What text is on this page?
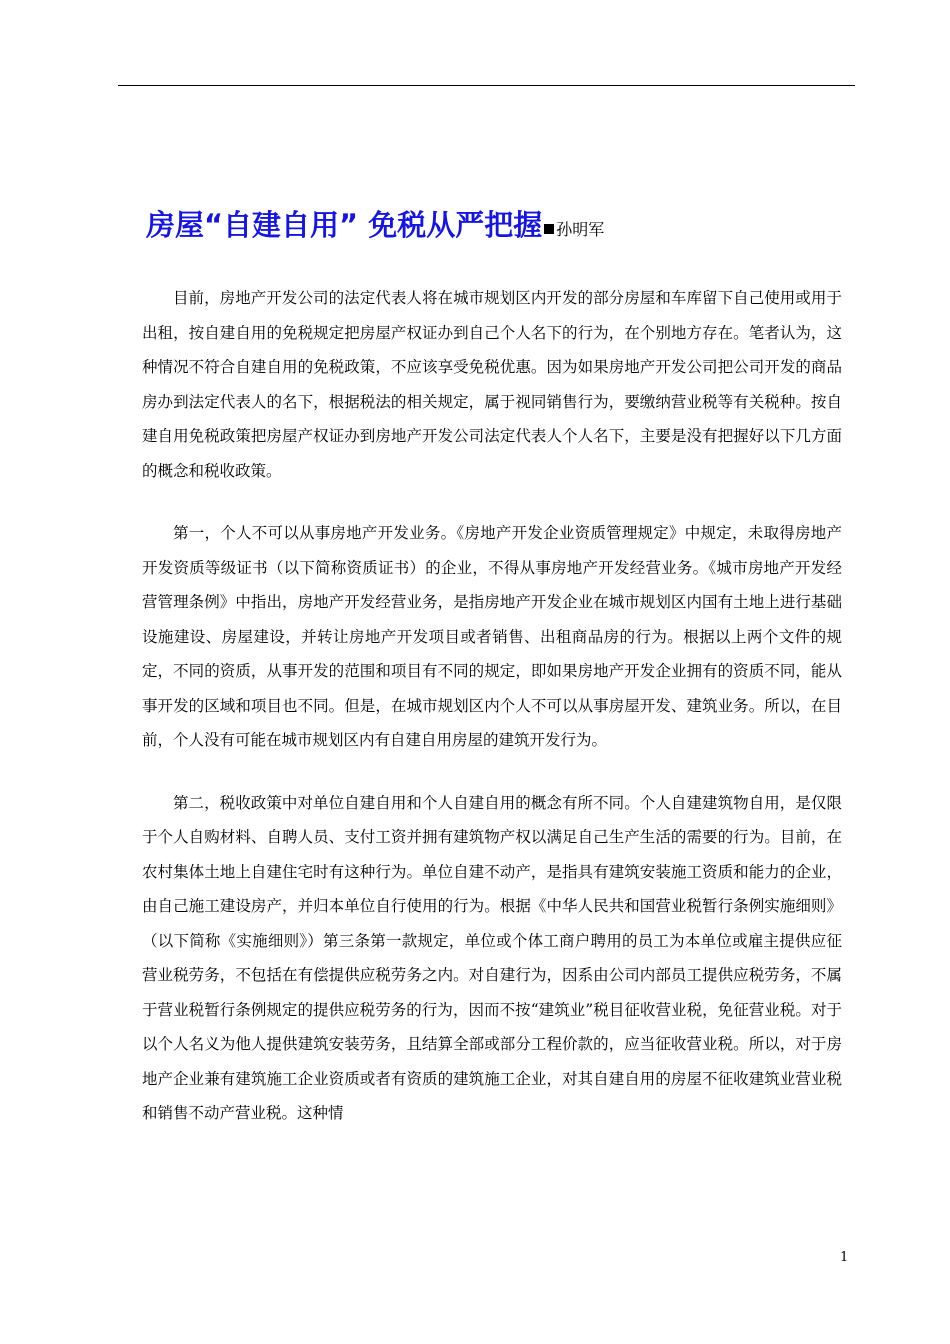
房屋“自建自用” 免税从严把握 孙明军

目前，房地产开发公司的法定代表人将在城市规划区内开发的部分房屋和车库留下自己使用或用于出租，按自建自用的免税规定把房屋产权证办到自己个人名下的行为，在个别地方存在。笔者认为，这种情况不符合自建自用的免税政策，不应该享受免税优惠。因为如果房地产开发公司把公司开发的商品房办到法定代表人的名下，根据税法的相关规定，属于视同销售行为，要缴纳营业税等有关税种。按自建自用免税政策把房屋产权证办到房地产开发公司法定代表人个人名下，主要是没有把握好以下几方面的概念和税收政策。

第一，个人不可以从事房地产开发业务。《房地产开发企业资质管理规定》中规定，未取得房地产开发资质等级证书（以下简称资质证书）的企业，不得从事房地产开发经营业务。《城市房地产开发经营管理条例》中指出，房地产开发经营业务，是指房地产开发企业在城市规划区内国有土地上进行基础设施建设、房屋建设，并转让房地产开发项目或者销售、出租商品房的行为。根据以上两个文件的规定，不同的资质，从事开发的范围和项目有不同的规定，即如果房地产开发企业拥有的资质不同，能从事开发的区域和项目也不同。但是，在城市规划区内个人不可以从事房屋开发、建筑业务。所以，在目前，个人没有可能在城市规划区内有自建自用房屋的建筑开发行为。

第二，税收政策中对单位自建自用和个人自建自用的概念有所不同。个人自建建筑物自用，是仅限于个人自购材料、自聘人员、支付工资并拥有建筑物产权以满足自己生产生活的需要的行为。目前，在农村集体土地上自建住宅时有这种行为。单位自建不动产，是指具有建筑安装施工资质和能力的企业，由自己施工建设房产，并归本单位自行使用的行为。根据《中华人民共和国营业税暂行条例实施细则》（以下简称《实施细则》）第三条第一款规定，单位或个体工商户聘用的员工为本单位或雇主提供应征营业税劳务，不包括在有偿提供应税劳务之内。对自建行为，因系由公司内部员工提供应税劳务，不属于营业税暂行条例规定的提供应税劳务的行为，因而不按“建筑业”税目征收营业税，免征营业税。对于以个人名义为他人提供建筑安装劳务，且结算全部或部分工程价款的，应当征收营业税。所以，对于房地产企业兼有建筑施工企业资质或者有资质的建筑施工企业，对其自建自用的房屋不征收建筑业营业税和销售不动产营业税。这种情

1
